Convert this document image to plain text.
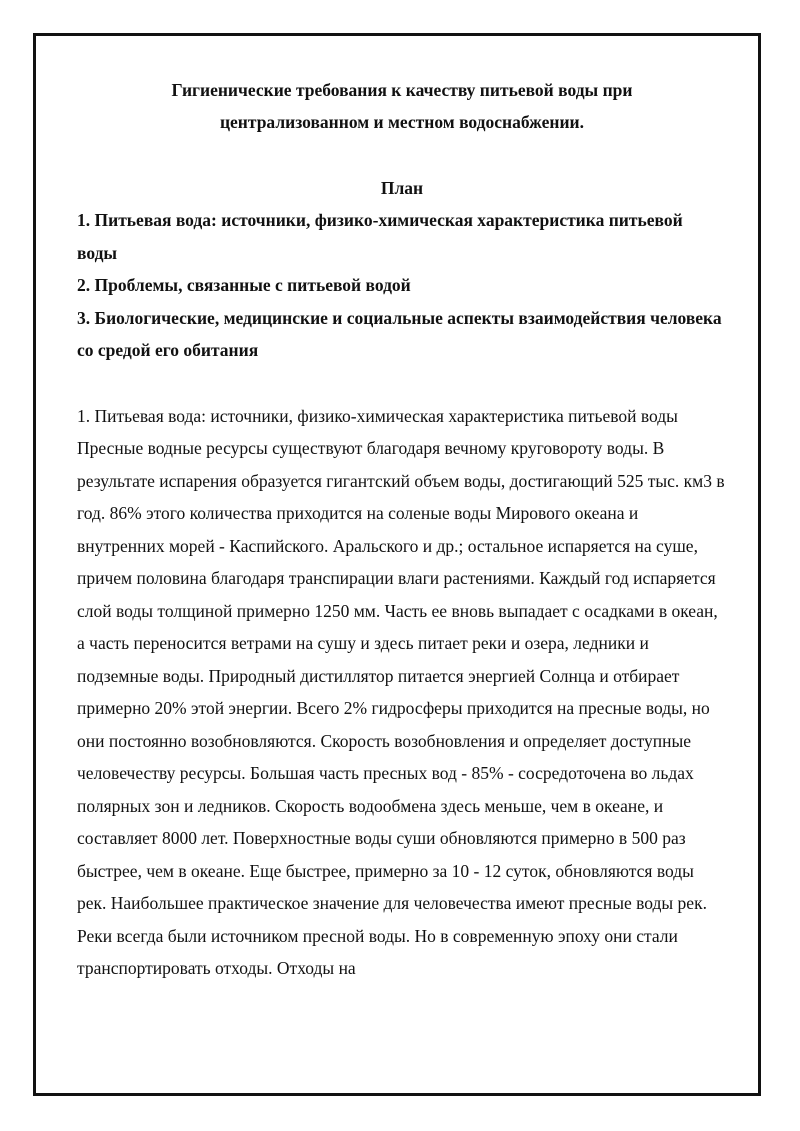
Гигиенические требования к качеству питьевой воды при
централизованном и местном водоснабжении.
План
1. Питьевая вода: источники, физико-химическая характеристика питьевой воды
2. Проблемы, связанные с питьевой водой
3. Биологические, медицинские и социальные аспекты взаимодействия человека со средой его обитания

1. Питьевая вода: источники, физико-химическая характеристика питьевой воды

Пресные водные ресурсы существуют благодаря вечному круговороту воды. В результате испарения образуется гигантский объем воды, достигающий 525 тыс. км3 в год. 86% этого количества приходится на соленые воды Мирового океана и внутренних морей - Каспийского. Аральского и др.; остальное испаряется на суше, причем половина благодаря транспирации влаги растениями. Каждый год испаряется слой воды толщиной примерно 1250 мм. Часть ее вновь выпадает с осадками в океан, а часть переносится ветрами на сушу и здесь питает реки и озера, ледники и подземные воды. Природный дистиллятор питается энергией Солнца и отбирает примерно 20% этой энергии. Всего 2% гидросферы приходится на пресные воды, но они постоянно возобновляются. Скорость возобновления и определяет доступные человечеству ресурсы. Большая часть пресных вод - 85% - сосредоточена во льдах полярных зон и ледников. Скорость водообмена здесь меньше, чем в океане, и составляет 8000 лет. Поверхностные воды суши обновляются примерно в 500 раз быстрее, чем в океане. Еще быстрее, примерно за 10 - 12 суток, обновляются воды рек. Наибольшее практическое значение для человечества имеют пресные воды рек. Реки всегда были источником пресной воды. Но в современную эпоху они стали транспортировать отходы. Отходы на
